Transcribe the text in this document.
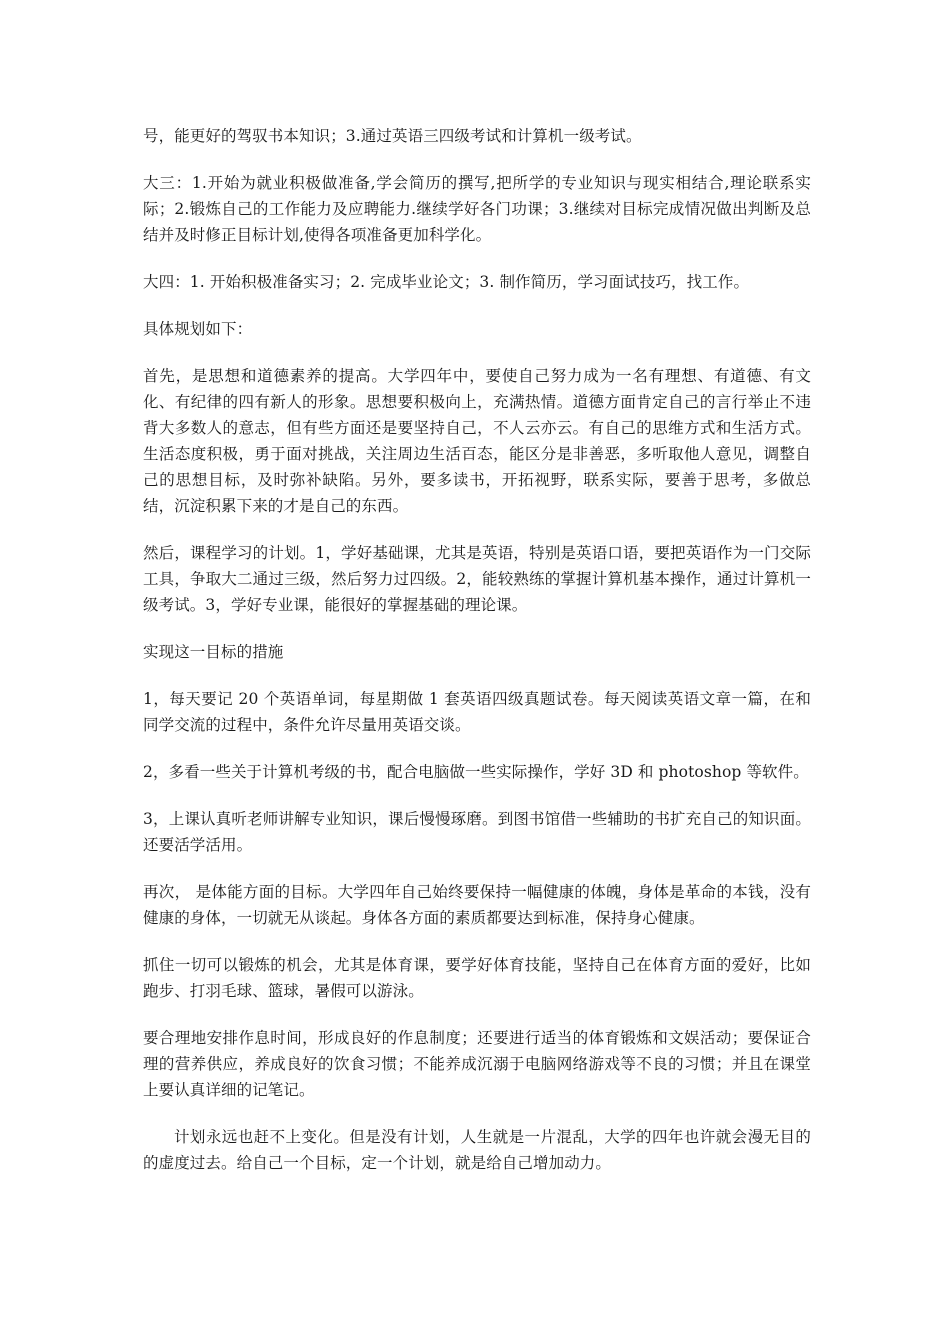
号，能更好的驾驭书本知识；3.通过英语三四级考试和计算机一级考试。

大三：1.开始为就业积极做准备,学会简历的撰写,把所学的专业知识与现实相结合,理论联系实际；2.锻炼自己的工作能力及应聘能力.继续学好各门功课；3.继续对目标完成情况做出判断及总结并及时修正目标计划,使得各项准备更加科学化。

大四：1. 开始积极准备实习；2. 完成毕业论文；3. 制作简历，学习面试技巧，找工作。

具体规划如下：

首先，是思想和道德素养的提高。大学四年中，要使自己努力成为一名有理想、有道德、有文化、有纪律的四有新人的形象。思想要积极向上，充满热情。道德方面肯定自己的言行举止不违背大多数人的意志，但有些方面还是要坚持自己，不人云亦云。有自己的思维方式和生活方式。生活态度积极，勇于面对挑战，关注周边生活百态，能区分是非善恶，多听取他人意见，调整自己的思想目标，及时弥补缺陷。另外，要多读书，开拓视野，联系实际，要善于思考，多做总结，沉淀积累下来的才是自己的东西。

然后，课程学习的计划。1，学好基础课，尤其是英语，特别是英语口语，要把英语作为一门交际工具，争取大二通过三级，然后努力过四级。2，能较熟练的掌握计算机基本操作，通过计算机一级考试。3，学好专业课，能很好的掌握基础的理论课。

实现这一目标的措施

1，每天要记 20 个英语单词，每星期做 1 套英语四级真题试卷。每天阅读英语文章一篇，在和同学交流的过程中，条件允许尽量用英语交谈。

2，多看一些关于计算机考级的书，配合电脑做一些实际操作，学好 3D 和 photoshop 等软件。

3，上课认真听老师讲解专业知识，课后慢慢琢磨。到图书馆借一些辅助的书扩充自己的知识面。还要活学活用。

再次， 是体能方面的目标。大学四年自己始终要保持一幅健康的体魄，身体是革命的本钱，没有健康的身体，一切就无从谈起。身体各方面的素质都要达到标准，保持身心健康。

抓住一切可以锻炼的机会，尤其是体育课，要学好体育技能，坚持自己在体育方面的爱好，比如跑步、打羽毛球、篮球，暑假可以游泳。

要合理地安排作息时间，形成良好的作息制度；还要进行适当的体育锻炼和文娱活动；要保证合理的营养供应，养成良好的饮食习惯；不能养成沉溺于电脑网络游戏等不良的习惯；并且在课堂上要认真详细的记笔记。

计划永远也赶不上变化。但是没有计划，人生就是一片混乱，大学的四年也许就会漫无目的的虚度过去。给自己一个目标，定一个计划，就是给自己增加动力。
